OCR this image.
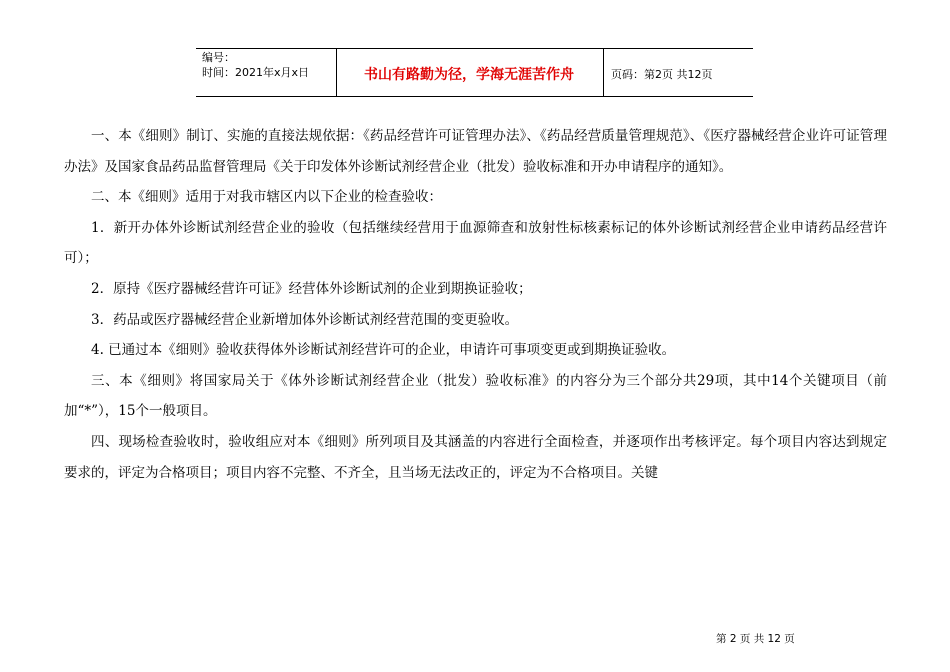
编号：
时间：2021年x月x日	书山有路勤为径，学海无涯苦作舟	页码：第2页 共12页

一、本《细则》制订、实施的直接法规依据：《药品经营许可证管理办法》、《药品经营质量管理规范》、《医疗器械经营企业许可证管理办法》及国家食品药品监督管理局《关于印发体外诊断试剂经营企业（批发）验收标准和开办申请程序的通知》。

二、本《细则》适用于对我市辖区内以下企业的检查验收：

1．新开办体外诊断试剂经营企业的验收（包括继续经营用于血源筛查和放射性标核素标记的体外诊断试剂经营企业申请药品经营许可）；

2．原持《医疗器械经营许可证》经营体外诊断试剂的企业到期换证验收；

3．药品或医疗器械经营企业新增加体外诊断试剂经营范围的变更验收。

4. 已通过本《细则》验收获得体外诊断试剂经营许可的企业，申请许可事项变更或到期换证验收。

三、本《细则》将国家局关于《体外诊断试剂经营企业（批发）验收标准》的内容分为三个部分共29项，其中14个关键项目（前加“*”），15个一般项目。

四、现场检查验收时，验收组应对本《细则》所列项目及其涵盖的内容进行全面检查，并逐项作出考核评定。每个项目内容达到规定要求的，评定为合格项目；项目内容不完整、不齐全，且当场无法改正的，评定为不合格项目。关键

第 2 页 共 12 页
